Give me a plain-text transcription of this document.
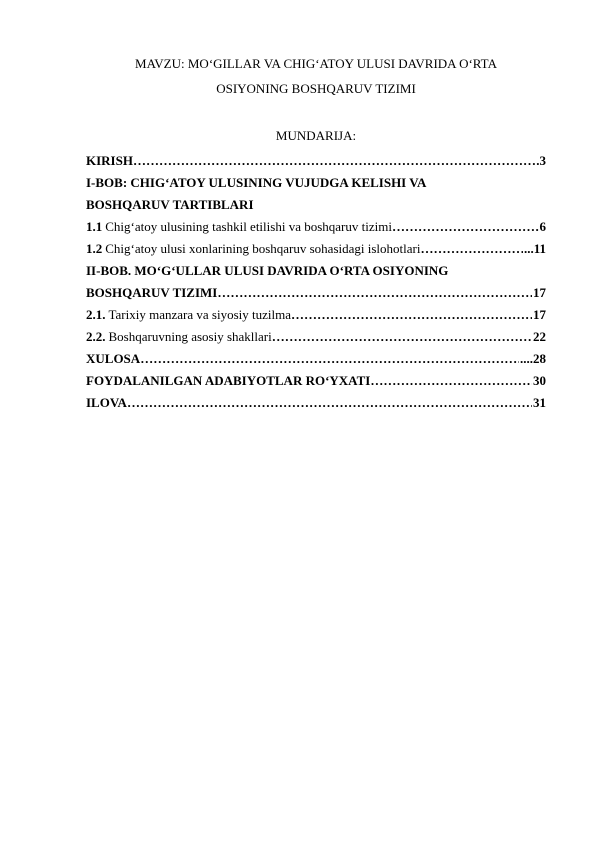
MAVZU: MO‘GILLAR VA CHIG‘ATOY ULUSI DAVRIDA O‘RTA
OSIYONING BOSHQARUV TIZIMI
MUNDARIJA:
KIRISH ……………………………………………………………………………………………………………………………………………………	.3
I-BOB: CHIG‘ATOY ULUSINING VUJUDGA KELISHI VA
BOSHQARUV TARTIBLARI
1.1 Chig‘atoy ulusining tashkil etilishi va boshqaruv tizimi ……………………………………………………………………………………………………………………………………………………	6
1.2 Chig‘atoy ulusi xonlarining boshqaruv sohasidagi islohotlari ……………………………………………………………………………………………………………………………………………………	...11
II-BOB. MO‘G‘ULLAR ULUSI DAVRIDA O‘RTA OSIYONING
BOSHQARUV TIZIMI ……………………………………………………………………………………………………………………………………………………	17
2.1. Tarixiy manzara va siyosiy tuzilma ……………………………………………………………………………………………………………………………………………………	17
2.2. Boshqaruvning asosiy shakllari ……………………………………………………………………………………………………………………………………………………	22
XULOSA ……………………………………………………………………………………………………………………………………………………	....28
FOYDALANILGAN ADABIYOTLAR RO‘YXATI ……………………………………………………………………………………………………………………………………………………	30
ILOVA ……………………………………………………………………………………………………………………………………………………	31
